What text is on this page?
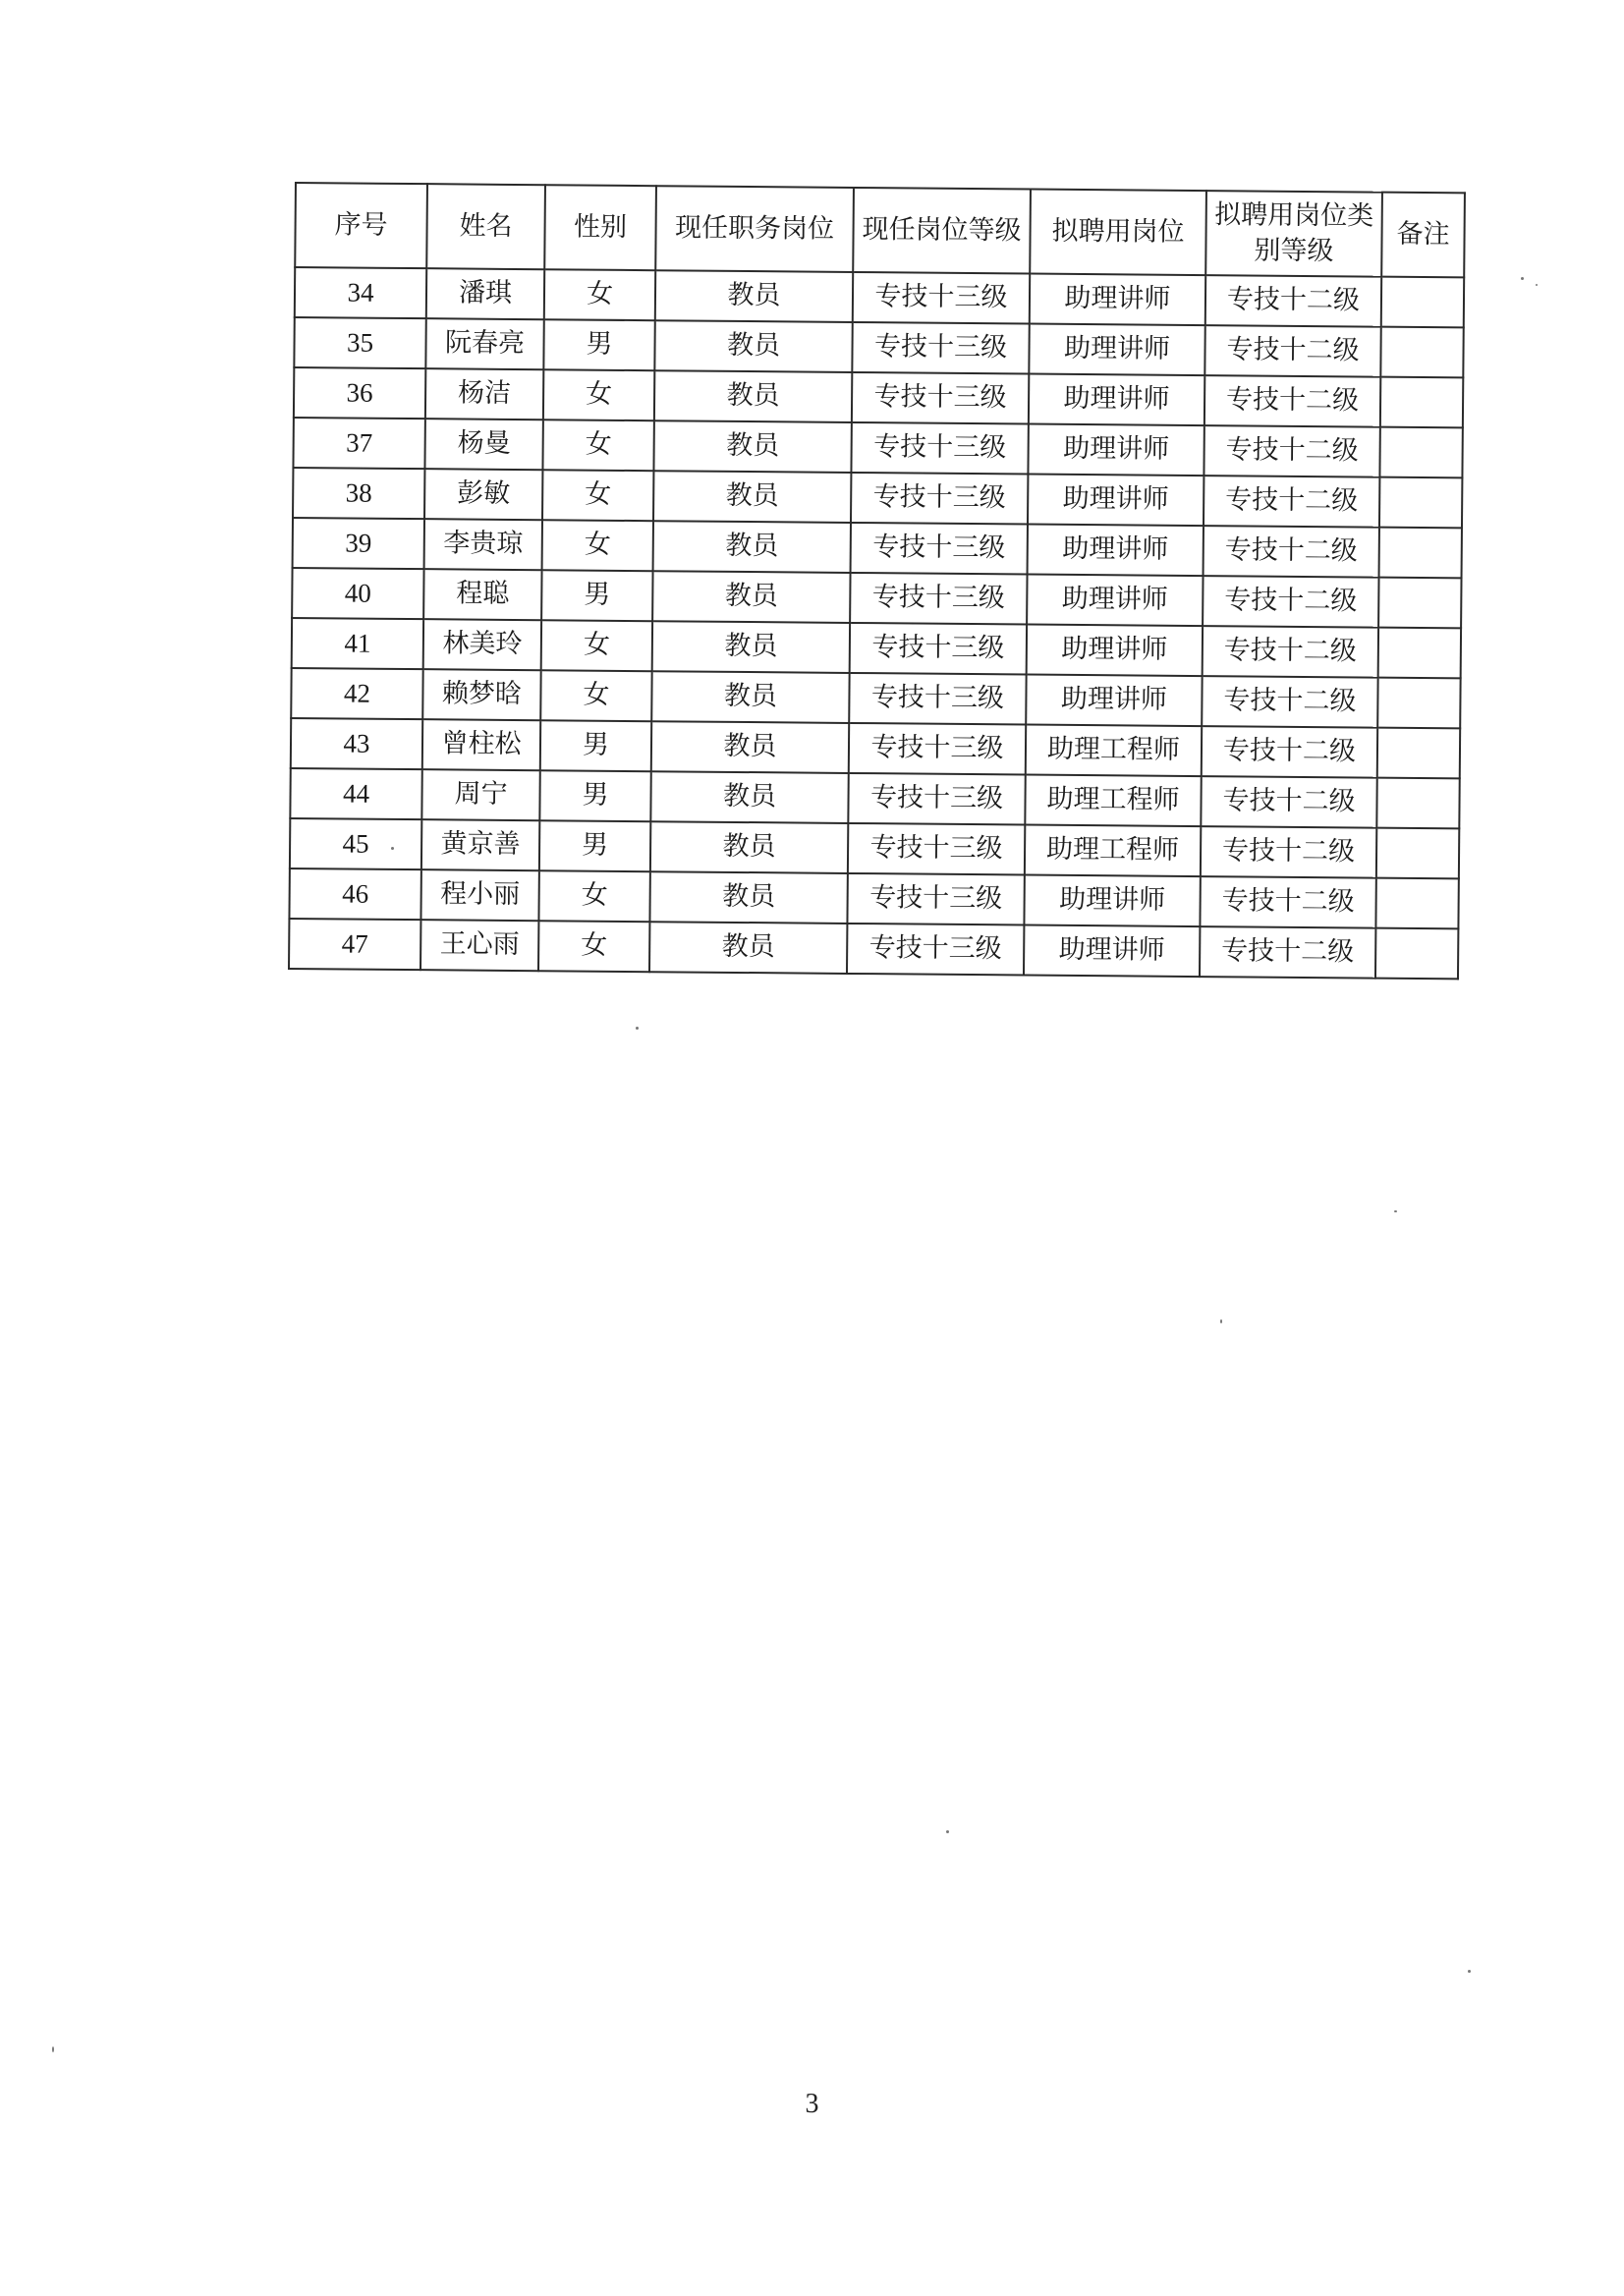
序号	姓名	性别	现任职务岗位	现任岗位等级	拟聘用岗位	拟聘用岗位类别等级	备注
34	潘琪	女	教员	专技十三级	助理讲师	专技十二级	
35	阮春亮	男	教员	专技十三级	助理讲师	专技十二级	
36	杨洁	女	教员	专技十三级	助理讲师	专技十二级	
37	杨曼	女	教员	专技十三级	助理讲师	专技十二级	
38	彭敏	女	教员	专技十三级	助理讲师	专技十二级	
39	李贵琼	女	教员	专技十三级	助理讲师	专技十二级	
40	程聪	男	教员	专技十三级	助理讲师	专技十二级	
41	林美玲	女	教员	专技十三级	助理讲师	专技十二级	
42	赖梦晗	女	教员	专技十三级	助理讲师	专技十二级	
43	曾柱松	男	教员	专技十三级	助理工程师	专技十二级	
44	周宁	男	教员	专技十三级	助理工程师	专技十二级	
45	黄京善	男	教员	专技十三级	助理工程师	专技十二级	
46	程小丽	女	教员	专技十三级	助理讲师	专技十二级	
47	王心雨	女	教员	专技十三级	助理讲师	专技十二级	
3
